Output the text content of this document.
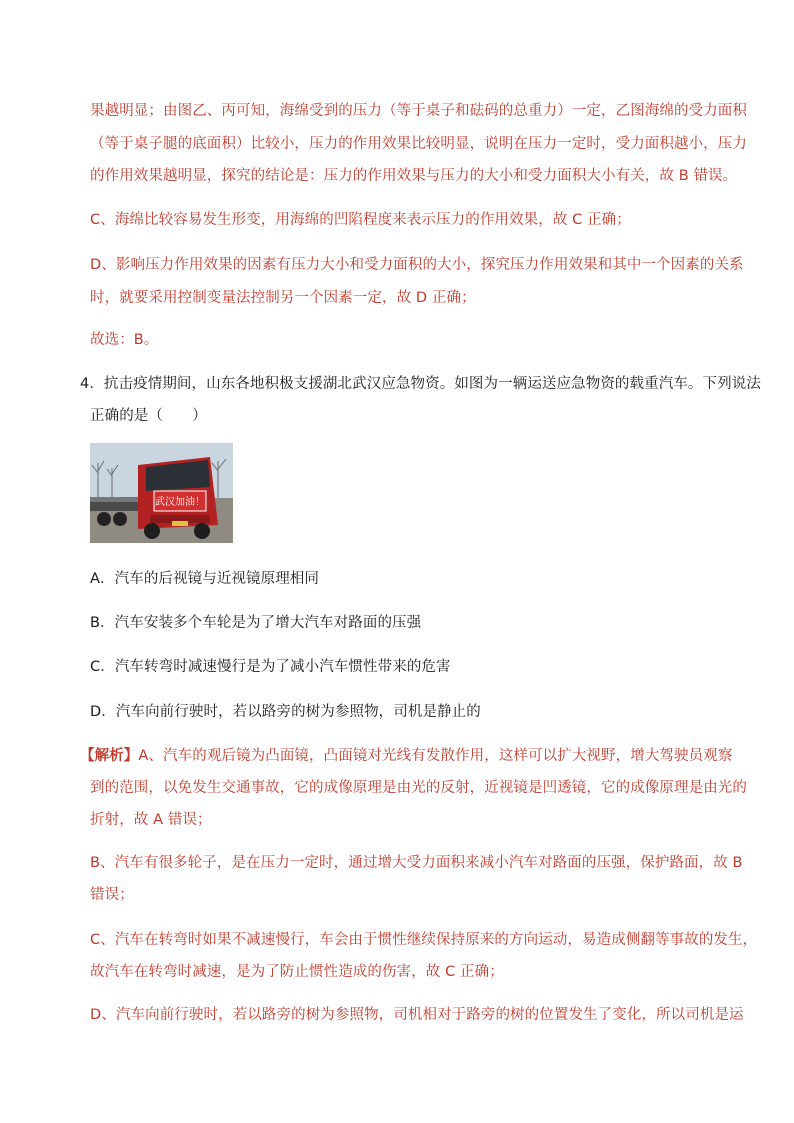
果越明显；由图乙、丙可知，海绵受到的压力（等于桌子和砝码的总重力）一定，乙图海绵的受力面积
（等于桌子腿的底面积）比较小，压力的作用效果比较明显，说明在压力一定时，受力面积越小，压力
的作用效果越明显，探究的结论是：压力的作用效果与压力的大小和受力面积大小有关，故 B 错误。
C、海绵比较容易发生形变，用海绵的凹陷程度来表示压力的作用效果，故 C 正确；
D、影响压力作用效果的因素有压力大小和受力面积的大小，探究压力作用效果和其中一个因素的关系
时，就要采用控制变量法控制另一个因素一定，故 D 正确；
故选：B。
4．抗击疫情期间，山东各地积极支援湖北武汉应急物资。如图为一辆运送应急物资的载重汽车。下列说法
正确的是（　　）
武汉加油！
A．汽车的后视镜与近视镜原理相同
B．汽车安装多个车轮是为了增大汽车对路面的压强
C．汽车转弯时减速慢行是为了减小汽车惯性带来的危害
D．汽车向前行驶时，若以路旁的树为参照物，司机是静止的
【解析】A、汽车的观后镜为凸面镜，凸面镜对光线有发散作用，这样可以扩大视野，增大驾驶员观察
到的范围，以免发生交通事故，它的成像原理是由光的反射，近视镜是凹透镜，它的成像原理是由光的
折射，故 A 错误；
B、汽车有很多轮子，是在压力一定时，通过增大受力面积来减小汽车对路面的压强，保护路面，故 B
错误；
C、汽车在转弯时如果不减速慢行，车会由于惯性继续保持原来的方向运动，易造成侧翻等事故的发生，
故汽车在转弯时减速，是为了防止惯性造成的伤害，故 C 正确；
D、汽车向前行驶时，若以路旁的树为参照物，司机相对于路旁的树的位置发生了变化，所以司机是运
